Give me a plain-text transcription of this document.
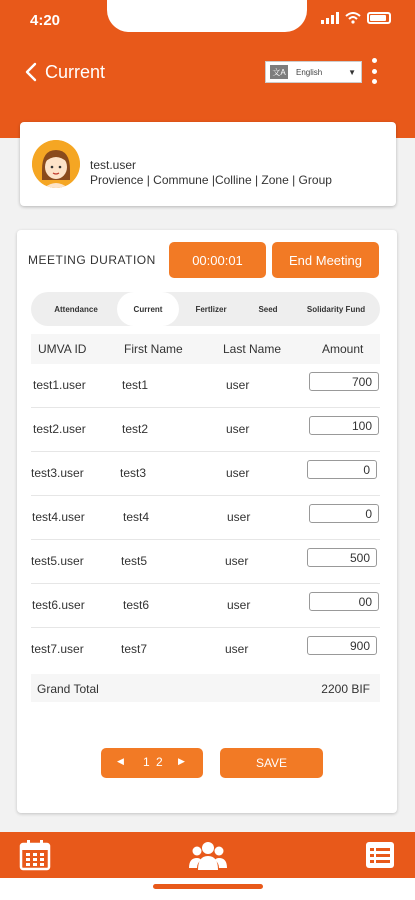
4:20
Current	文A English	▼
test.user
Provience | Commune |Colline | Zone | Group
MEETING DURATION	00:00:01	End Meeting
Attendance	Current	Fertlizer	Seed	Solidarity Fund
UMVA ID	First Name	Last Name	Amount
test1.user	test1	user	700
test2.user	test2	user	100
test3.user	test3	user	0
test4.user	test4	user	0
test5.user	test5	user	500
test6.user	test6	user	00
test7.user	test7	user	900
Grand Total	2200 BIF
◀ 1 2 ▶	SAVE
